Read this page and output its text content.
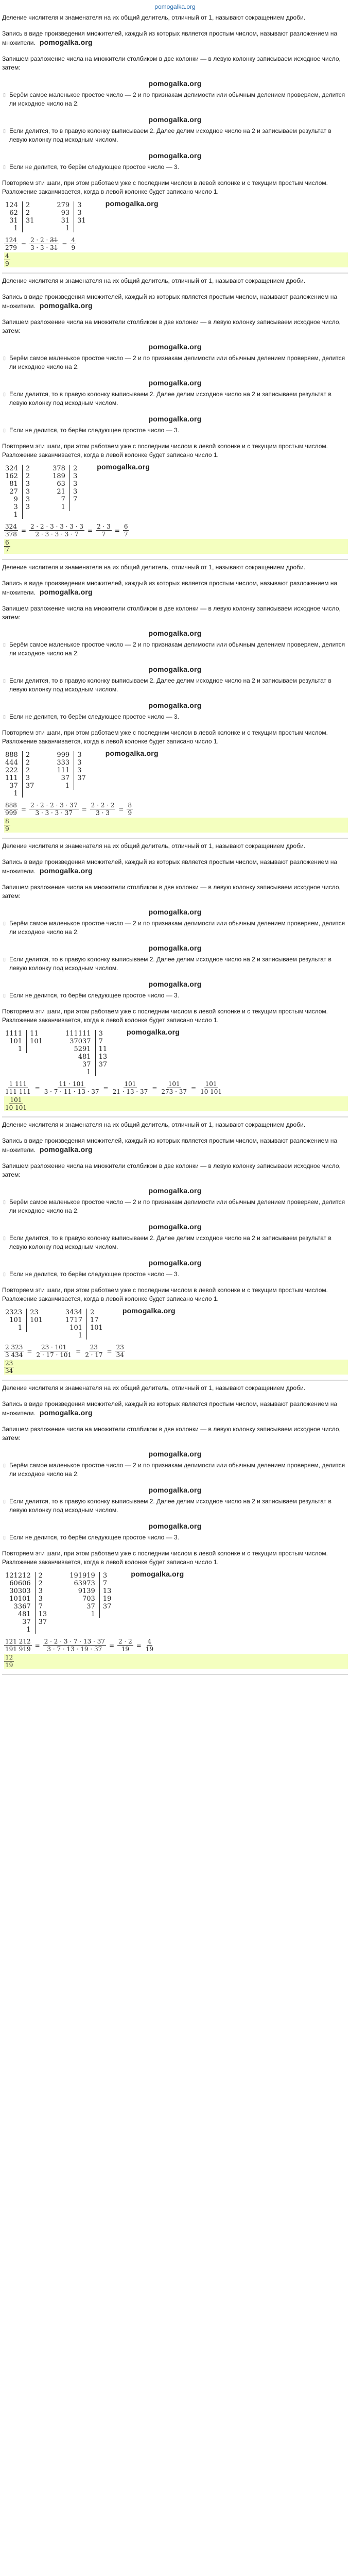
pomogalka.org
Деление числителя и знаменателя на их общий делитель, отличный от 1, называют сокращением дроби.
Запись в виде произведения множителей, каждый из которых является простым числом, называют разложением на множители. pomogalka.org
Запишем разложение числа на множители столбиком в две колонки — в левую колонку записываем исходное число, затем:
pomogalka.org
▯ Берём самое маленькое простое число — 2 и по признакам делимости или обычным делением проверяем, делится ли исходное число на 2.
pomogalka.org
▯ Если делится, то в правую колонку выписываем 2. Далее делим исходное число на 2 и записываем результат в левую колонку под исходным числом.
pomogalka.org
▯ Если не делится, то берём следующее простое число — 3.
Повторяем эти шаги, при этом работаем уже с последним числом в левой колонке и с текущим простым числом. Разложение заканчивается, когда в левой колонке будет записано число 1.
124
62
31
1
2
2
31
279
93
31
1
3
3
31
pomogalka.org
$\frac{124}{279} = \frac{2 \cdot 2 \cdot 3̶1̶}{3 \cdot 3 \cdot 3̶1̶} = \frac{4}{9}$
$\frac{4}{9}$
Деление числителя и знаменателя на их общий делитель, отличный от 1, называют сокращением дроби.
Запись в виде произведения множителей, каждый из которых является простым числом, называют разложением на множители. pomogalka.org
Запишем разложение числа на множители столбиком в две колонки — в левую колонку записываем исходное число, затем:
pomogalka.org
▯ Берём самое маленькое простое число — 2 и по признакам делимости или обычным делением проверяем, делится ли исходное число на 2.
pomogalka.org
▯ Если делится, то в правую колонку выписываем 2. Далее делим исходное число на 2 и записываем результат в левую колонку под исходным числом.
pomogalka.org
▯ Если не делится, то берём следующее простое число — 3.
Повторяем эти шаги, при этом работаем уже с последним числом в левой колонке и с текущим простым числом. Разложение заканчивается, когда в левой колонке будет записано число 1.
324
162
81
27
9
3
1
2
2
3
3
3
3
378
189
63
21
7
1
2
3
3
3
7
pomogalka.org
$\frac{324}{378} = \frac{2 \cdot 2 \cdot 3 \cdot 3 \cdot 3 \cdot 3}{2 \cdot 3 \cdot 3 \cdot 3 \cdot 7} = \frac{2 \cdot 3}{7} = \frac{6}{7}$
$\frac{6}{7}$
Деление числителя и знаменателя на их общий делитель, отличный от 1, называют сокращением дроби.
Запись в виде произведения множителей, каждый из которых является простым числом, называют разложением на множители. pomogalka.org
Запишем разложение числа на множители столбиком в две колонки — в левую колонку записываем исходное число, затем:
pomogalka.org
▯ Берём самое маленькое простое число — 2 и по признакам делимости или обычным делением проверяем, делится ли исходное число на 2.
pomogalka.org
▯ Если делится, то в правую колонку выписываем 2. Далее делим исходное число на 2 и записываем результат в левую колонку под исходным числом.
pomogalka.org
▯ Если не делится, то берём следующее простое число — 3.
Повторяем эти шаги, при этом работаем уже с последним числом в левой колонке и с текущим простым числом. Разложение заканчивается, когда в левой колонке будет записано число 1.
888
444
222
111
37
1
2
2
2
3
37
999
333
111
37
1
3
3
3
37
pomogalka.org
$\frac{888}{999} = \frac{2 \cdot 2 \cdot 2 \cdot 3 \cdot 37}{3 \cdot 3 \cdot 3 \cdot 37} = \frac{2 \cdot 2 \cdot 2}{3 \cdot 3} = \frac{8}{9}$
$\frac{8}{9}$
Деление числителя и знаменателя на их общий делитель, отличный от 1, называют сокращением дроби.
Запись в виде произведения множителей, каждый из которых является простым числом, называют разложением на множители. pomogalka.org
Запишем разложение числа на множители столбиком в две колонки — в левую колонку записываем исходное число, затем:
pomogalka.org
▯ Берём самое маленькое простое число — 2 и по признакам делимости или обычным делением проверяем, делится ли исходное число на 2.
pomogalka.org
▯ Если делится, то в правую колонку выписываем 2. Далее делим исходное число на 2 и записываем результат в левую колонку под исходным числом.
pomogalka.org
▯ Если не делится, то берём следующее простое число — 3.
Повторяем эти шаги, при этом работаем уже с последним числом в левой колонке и с текущим простым числом. Разложение заканчивается, когда в левой колонке будет записано число 1.
1111
101
1
11
101
111111
37037
5291
481
37
1
3
7
11
13
37
pomogalka.org
$\frac{1 111}{111 111} = \frac{11 \cdot 101}{3 \cdot 7 \cdot 11 \cdot 13 \cdot 37} = \frac{101}{21 \cdot 13 \cdot 37} = \frac{101}{273 \cdot 37} = \frac{101}{10 101}$
$\frac{101}{10 101}$
Деление числителя и знаменателя на их общий делитель, отличный от 1, называют сокращением дроби.
Запись в виде произведения множителей, каждый из которых является простым числом, называют разложением на множители. pomogalka.org
Запишем разложение числа на множители столбиком в две колонки — в левую колонку записываем исходное число, затем:
pomogalka.org
▯ Берём самое маленькое простое число — 2 и по признакам делимости или обычным делением проверяем, делится ли исходное число на 2.
pomogalka.org
▯ Если делится, то в правую колонку выписываем 2. Далее делим исходное число на 2 и записываем результат в левую колонку под исходным числом.
pomogalka.org
▯ Если не делится, то берём следующее простое число — 3.
Повторяем эти шаги, при этом работаем уже с последним числом в левой колонке и с текущим простым числом. Разложение заканчивается, когда в левой колонке будет записано число 1.
2323
101
1
23
101
3434
1717
101
1
2
17
101
pomogalka.org
$\frac{2 323}{3 434} = \frac{23 \cdot 101}{2 \cdot 17 \cdot 101} = \frac{23}{2 \cdot 17} = \frac{23}{34}$
$\frac{23}{34}$
Деление числителя и знаменателя на их общий делитель, отличный от 1, называют сокращением дроби.
Запись в виде произведения множителей, каждый из которых является простым числом, называют разложением на множители. pomogalka.org
Запишем разложение числа на множители столбиком в две колонки — в левую колонку записываем исходное число, затем:
pomogalka.org
▯ Берём самое маленькое простое число — 2 и по признакам делимости или обычным делением проверяем, делится ли исходное число на 2.
pomogalka.org
▯ Если делится, то в правую колонку выписываем 2. Далее делим исходное число на 2 и записываем результат в левую колонку под исходным числом.
pomogalka.org
▯ Если не делится, то берём следующее простое число — 3.
Повторяем эти шаги, при этом работаем уже с последним числом в левой колонке и с текущим простым числом. Разложение заканчивается, когда в левой колонке будет записано число 1.
121212
60606
30303
10101
3367
481
37
1
2
2
3
3
7
13
37
191919
63973
9139
703
37
1
3
7
13
19
37
pomogalka.org
$\frac{121 212}{191 919} = \frac{2 \cdot 2 \cdot 3 \cdot 7 \cdot 13 \cdot 37}{3 \cdot 7 \cdot 13 \cdot 19 \cdot 37} = \frac{2 \cdot 2}{19} = \frac{4}{19}$
$\frac{12}{19}$
